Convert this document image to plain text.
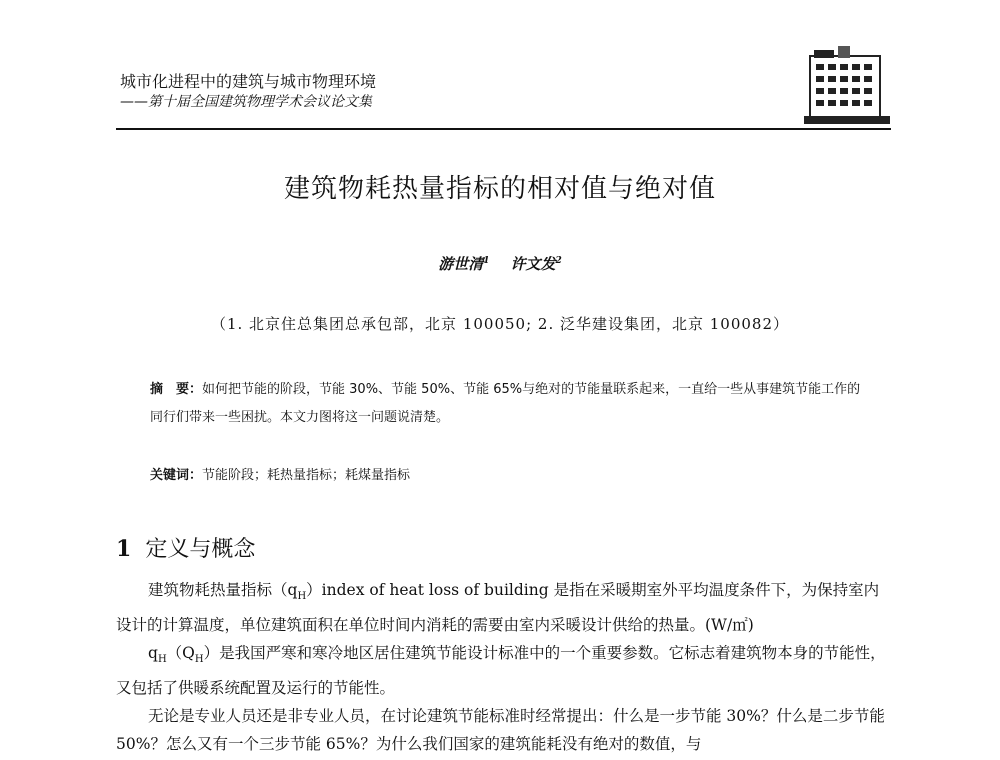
城市化进程中的建筑与城市物理环境
——第十届全国建筑物理学术会议论文集
建筑物耗热量指标的相对值与绝对值
游世清$^1$ 许文发$^2$
（1. 北京住总集团总承包部，北京 100050; 2. 泛华建设集团，北京 100082）
摘　要：如何把节能的阶段，节能 30%、节能 50%、节能 65%与绝对的节能量联系起来，一直给一些从事建筑节能工作的同行们带来一些困扰。本文力图将这一问题说清楚。
关键词：节能阶段；耗热量指标；耗煤量指标
1 定义与概念

建筑物耗热量指标$(q_H)index$ of heat loss of building 是指在采暖期室外平均温度条件下，为保持室内设计的计算温度，单位建筑面积在单位时间内消耗的需要由室内采暖设计供给的热量。(W/㎡)

$q_H(Q_H)$是我国严寒和寒冷地区居住建筑节能设计标准中的一个重要参数。它标志着建筑物本身的节能性，又包括了供暖系统配置及运行的节能性。

无论是专业人员还是非专业人员，在讨论建筑节能标准时经常提出：什么是一步节能 30%？什么是二步节能 50%？怎么又有一个三步节能 65%？为什么我们国家的建筑能耗没有绝对的数值，与
